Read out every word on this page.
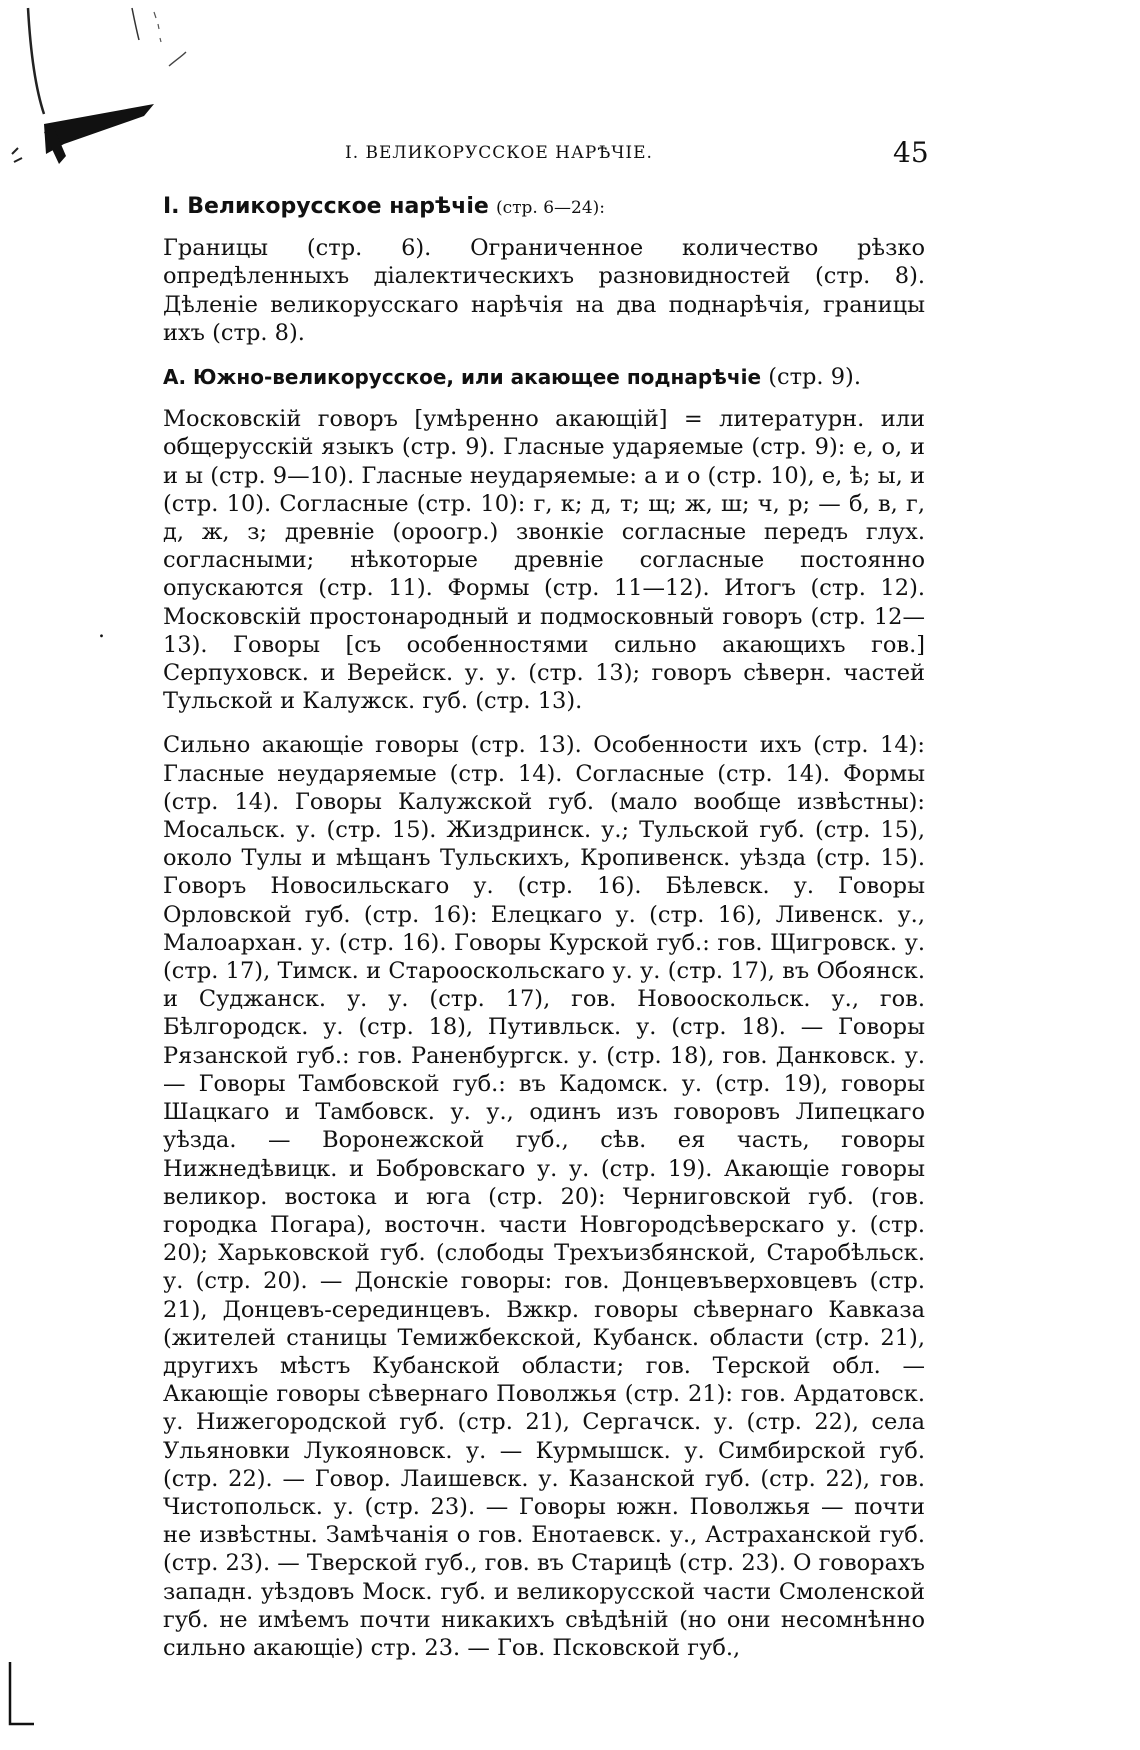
I. ВЕЛИКОРУССКОЕ НАРѢЧІЕ.	45
.
I. Великорусское нарѣчіе (стр. 6—24):

Границы (стр. 6). Ограниченное количество рѣзко опредѣленныхъ діалектическихъ разновидностей (стр. 8). Дѣленіе великорусскаго нарѣчія на два поднарѣчія, границы ихъ (стр. 8).

А. Южно-великорусское, или акающее поднарѣчіе (стр. 9).

Московскій говоръ [умѣренно акающій] = литературн. или общерусскій языкъ (стр. 9). Гласные ударяемые (стр. 9): е, о, и и ы (стр. 9—10). Гласные неударяемые: а и о (стр. 10), е, ѣ; ы, и (стр. 10). Согласные (стр. 10): г, к; д, т; щ; ж, ш; ч, р; — б, в, г, д, ж, з; древніе (ороогр.) звонкіе согласные передъ глух. согласными; нѣкоторые древніе согласные постоянно опускаются (стр. 11). Формы (стр. 11—12). Итогъ (стр. 12). Московскій простонародный и подмосковный говоръ (стр. 12—13). Говоры [съ особенностями сильно акающихъ гов.] Серпуховск. и Верейск. у. у. (стр. 13); говоръ сѣверн. частей Тульской и Калужск. губ. (стр. 13).

Сильно акающіе говоры (стр. 13). Особенности ихъ (стр. 14): Гласные неударяемые (стр. 14). Согласные (стр. 14). Формы (стр. 14). Говоры Калужской губ. (мало вообще извѣстны): Мосальск. у. (стр. 15). Жиздринск. у.; Тульской губ. (стр. 15), около Тулы и мѣщанъ Тульскихъ, Кропивенск. уѣзда (стр. 15). Говоръ Новосильскаго у. (стр. 16). Бѣлевск. у. Говоры Орловской губ. (стр. 16): Елецкаго у. (стр. 16), Ливенск. у., Малоархан. у. (стр. 16). Говоры Курской губ.: гов. Щигровск. у. (стр. 17), Тимск. и Старооскольскаго у. у. (стр. 17), въ Обоянск. и Суджанск. у. у. (стр. 17), гов. Новооскольск. у., гов. Бѣлгородск. у. (стр. 18), Путивльск. у. (стр. 18). — Говоры Рязанской губ.: гов. Раненбургск. у. (стр. 18), гов. Данковск. у. — Говоры Тамбовской губ.: въ Кадомск. у. (стр. 19), говоры Шацкаго и Тамбовск. у. у., одинъ изъ говоровъ Липецкаго уѣзда. — Воронежской губ., сѣв. ея часть, говоры Нижнедѣвицк. и Бобровскаго у. у. (стр. 19). Акающіе говоры великор. востока и юга (стр. 20): Черниговской губ. (гов. городка Погара), восточн. части Новгородсѣверскаго у. (стр. 20); Харьковской губ. (слободы Трехъизбянской, Старобѣльск. у. (стр. 20). — Донскіе говоры: гов. Донцевъверховцевъ (стр. 21), Донцевъ-серединцевъ. Вжкр. говоры сѣвернаго Кавказа (жителей станицы Темижбекской, Кубанск. области (стр. 21), другихъ мѣстъ Кубанской области; гов. Терской обл. — Акающіе говоры сѣвернаго Поволжья (стр. 21): гов. Ардатовск. у. Нижегородской губ. (стр. 21), Сергачск. у. (стр. 22), села Ульяновки Лукояновск. у. — Курмышск. у. Симбирской губ. (стр. 22). — Говор. Лаишевск. у. Казанской губ. (стр. 22), гов. Чистопольск. у. (стр. 23). — Говоры южн. Поволжья — почти не извѣстны. Замѣчанія о гов. Енотаевск. у., Астраханской губ. (стр. 23). — Тверской губ., гов. въ Старицѣ (стр. 23). О говорахъ западн. уѣздовъ Моск. губ. и великорусской части Смоленской губ. не имѣемъ почти никакихъ свѣдѣній (но они несомнѣнно сильно акающіе) стр. 23. — Гов. Псковской губ.,
